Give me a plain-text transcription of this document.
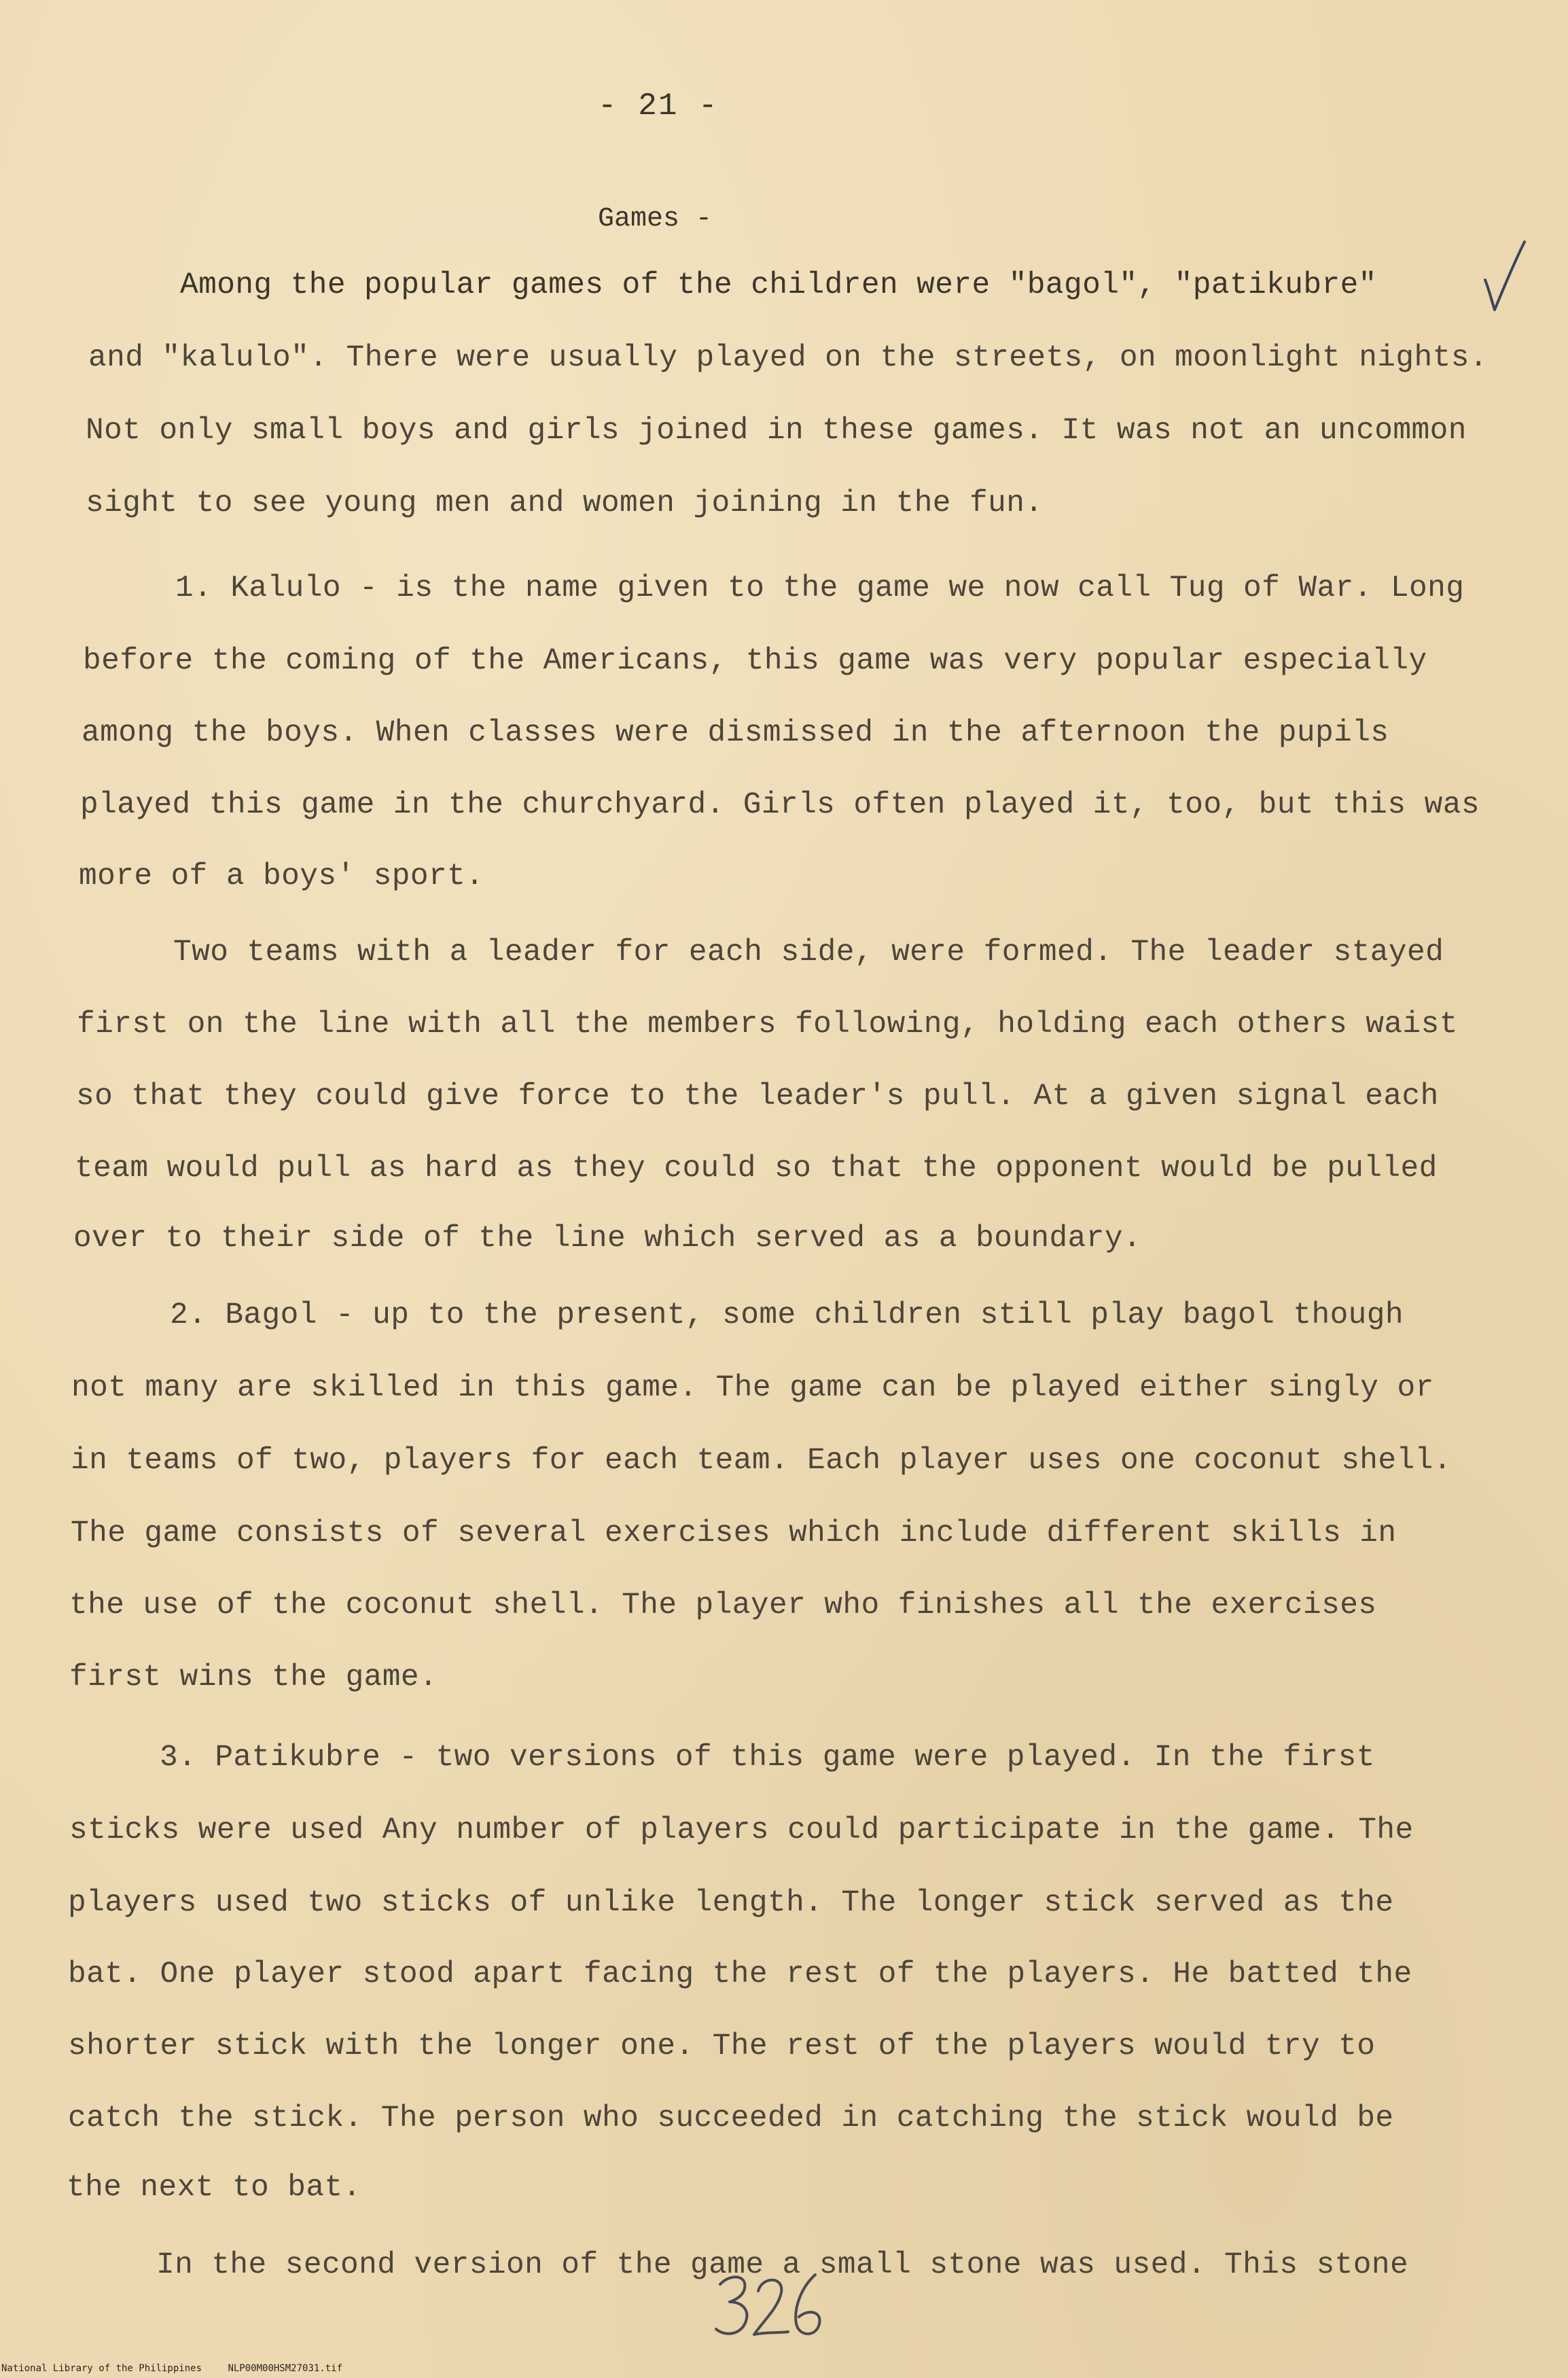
- 21 -
Games -
Among the popular games of the children were "bagol", "patikubre"
and "kalulo". There were usually played on the streets, on moonlight nights.
Not only small boys and girls joined in these games. It was not an uncommon
sight to see young men and women joining in the fun.
1. Kalulo - is the name given to the game we now call Tug of War. Long
before the coming of the Americans, this game was very popular especially
among the boys. When classes were dismissed in the afternoon the pupils
played this game in the churchyard. Girls often played it, too, but this was
more of a boys' sport.
Two teams with a leader for each side, were formed. The leader stayed
first on the line with all the members following, holding each others waist
so that they could give force to the leader's pull. At a given signal each
team would pull as hard as they could so that the opponent would be pulled
over to their side of the line which served as a boundary.
2. Bagol - up to the present, some children still play bagol though
not many are skilled in this game. The game can be played either singly or
in teams of two, players for each team. Each player uses one coconut shell.
The game consists of several exercises which include different skills in
the use of the coconut shell. The player who finishes all the exercises
first wins the game.
3. Patikubre - two versions of this game were played. In the first
sticks were used Any number of players could participate in the game. The
players used two sticks of unlike length. The longer stick served as the
bat. One player stood apart facing the rest of the players. He batted the
shorter stick with the longer one. The rest of the players would try to
catch the stick. The person who succeeded in catching the stick would be
the next to bat.
In the second version of the game a small stone was used. This stone
National Library of the Philippines	NLP00M00HSM27031.tif
